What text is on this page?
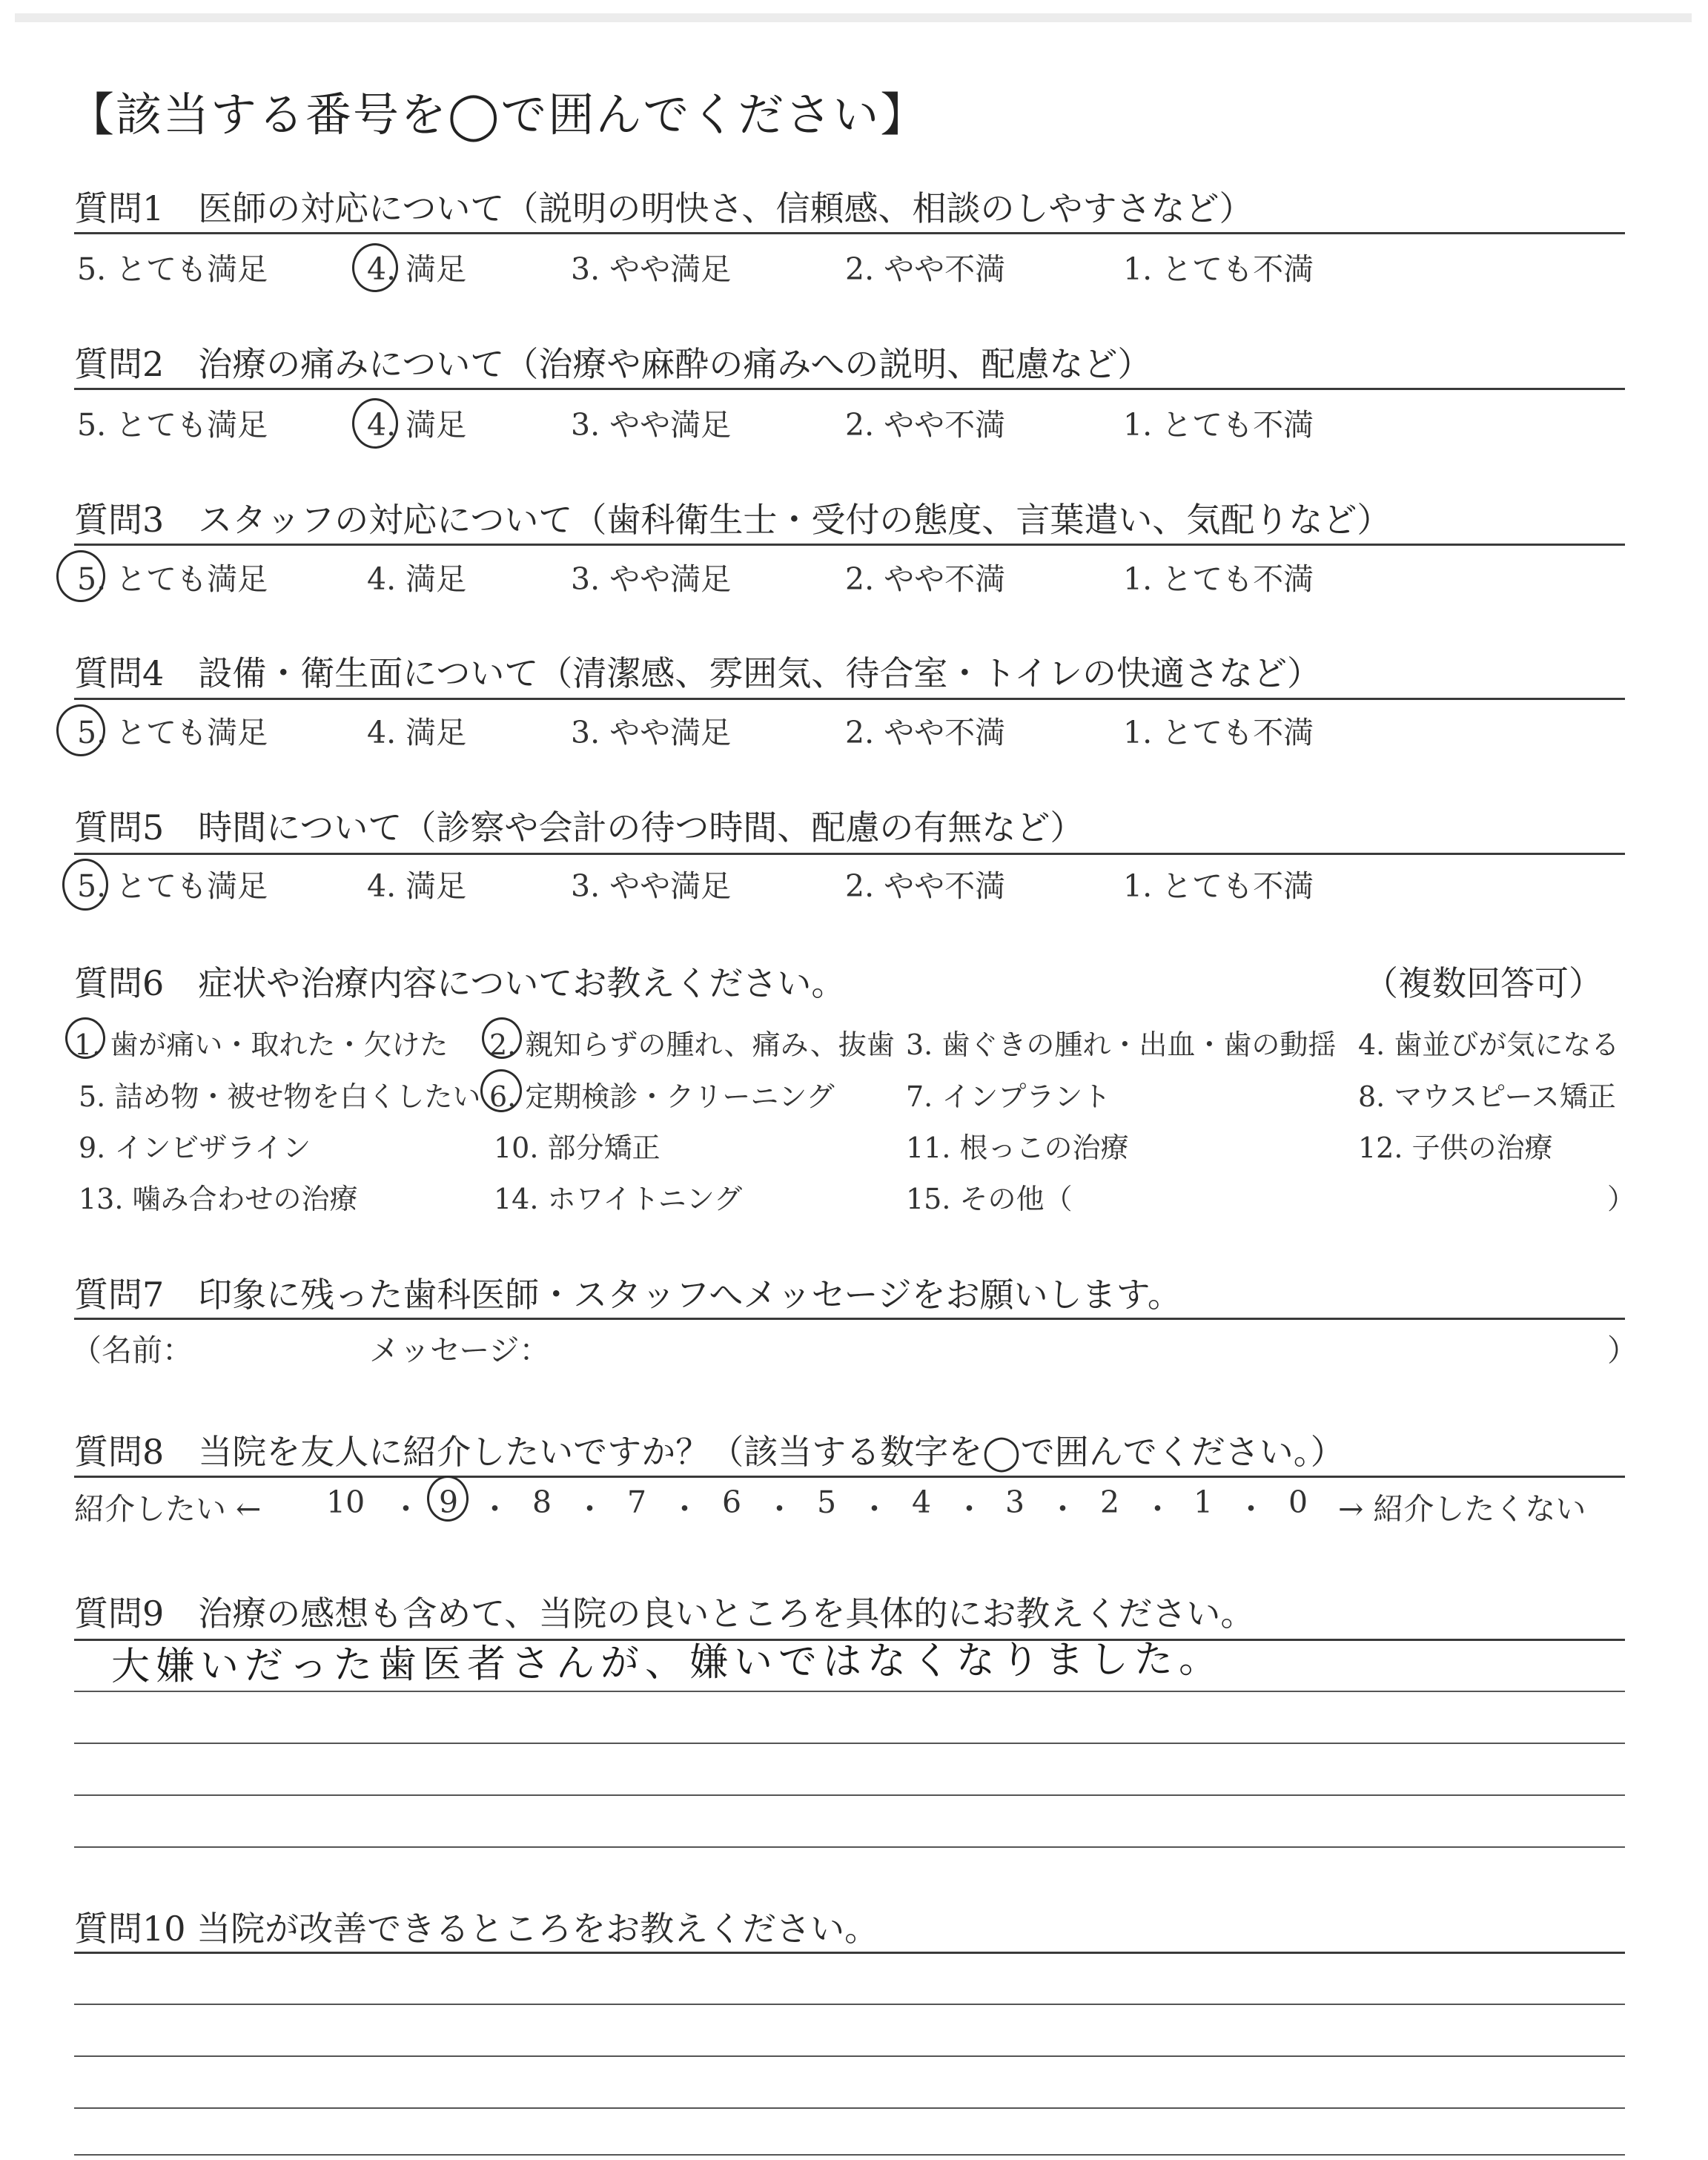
【該当する番号を◯で囲んでください】
質問1　医師の対応について（説明の明快さ、信頼感、相談のしやすさなど）
5. とても満足	4. 満足	3. やや満足	2. やや不満	1. とても不満
質問2　治療の痛みについて（治療や麻酔の痛みへの説明、配慮など）
5. とても満足	4. 満足	3. やや満足	2. やや不満	1. とても不満
質問3　スタッフの対応について（歯科衛生士・受付の態度、言葉遣い、気配りなど）
5. とても満足	4. 満足	3. やや満足	2. やや不満	1. とても不満
質問4　設備・衛生面について（清潔感、雰囲気、待合室・トイレの快適さなど）
5. とても満足	4. 満足	3. やや満足	2. やや不満	1. とても不満
質問5　時間について（診察や会計の待つ時間、配慮の有無など）
5. とても満足	4. 満足	3. やや満足	2. やや不満	1. とても不満
質問6　症状や治療内容についてお教えください。	（複数回答可）
1. 歯が痛い・取れた・欠けた 2. 親知らずの腫れ、痛み、抜歯 3. 歯ぐきの腫れ・出血・歯の動揺 4. 歯並びが気になる
5. 詰め物・被せ物を白くしたい 6. 定期検診・クリーニング	7. インプラント	8. マウスピース矯正
9. インビザライン	10. 部分矯正	11. 根っこの治療	12. 子供の治療
13. 噛み合わせの治療	14. ホワイトニング	15. その他（	）
質問7　印象に残った歯科医師・スタッフへメッセージをお願いします。
（名前：	メッセージ：	）
質問8　当院を友人に紹介したいですか？（該当する数字を◯で囲んでください。）
紹介したい ←	→ 紹介したくない
10 ・ 9 ・ 8 ・ 7 ・ 6 ・ 5 ・ 4 ・ 3 ・ 2 ・ 1 ・ 0
質問9　治療の感想も含めて、当院の良いところを具体的にお教えください。
大嫌いだった歯医者さんが、嫌いではなくなりました。
質問10 当院が改善できるところをお教えください。
